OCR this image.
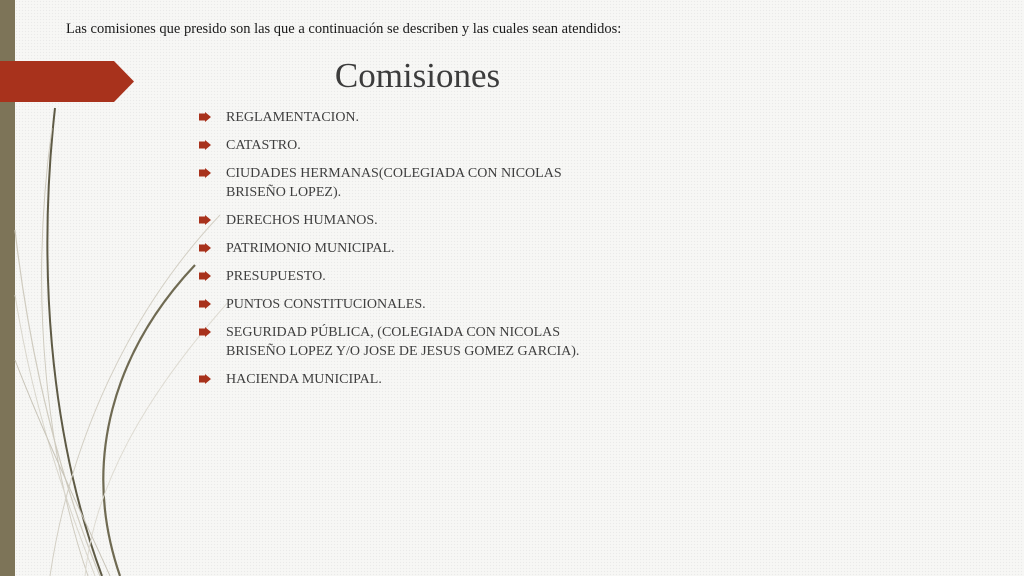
Las comisiones que presido son las que a continuación se describen y las cuales sean atendidos:
Comisiones
REGLAMENTACION.
CATASTRO.
CIUDADES HERMANAS(COLEGIADA CON NICOLAS
BRISEÑO LOPEZ).
DERECHOS HUMANOS.
PATRIMONIO MUNICIPAL.
PRESUPUESTO.
PUNTOS CONSTITUCIONALES.
SEGURIDAD PÚBLICA, (COLEGIADA CON NICOLAS
BRISEÑO LOPEZ Y/O JOSE DE JESUS GOMEZ GARCIA).
HACIENDA MUNICIPAL.
